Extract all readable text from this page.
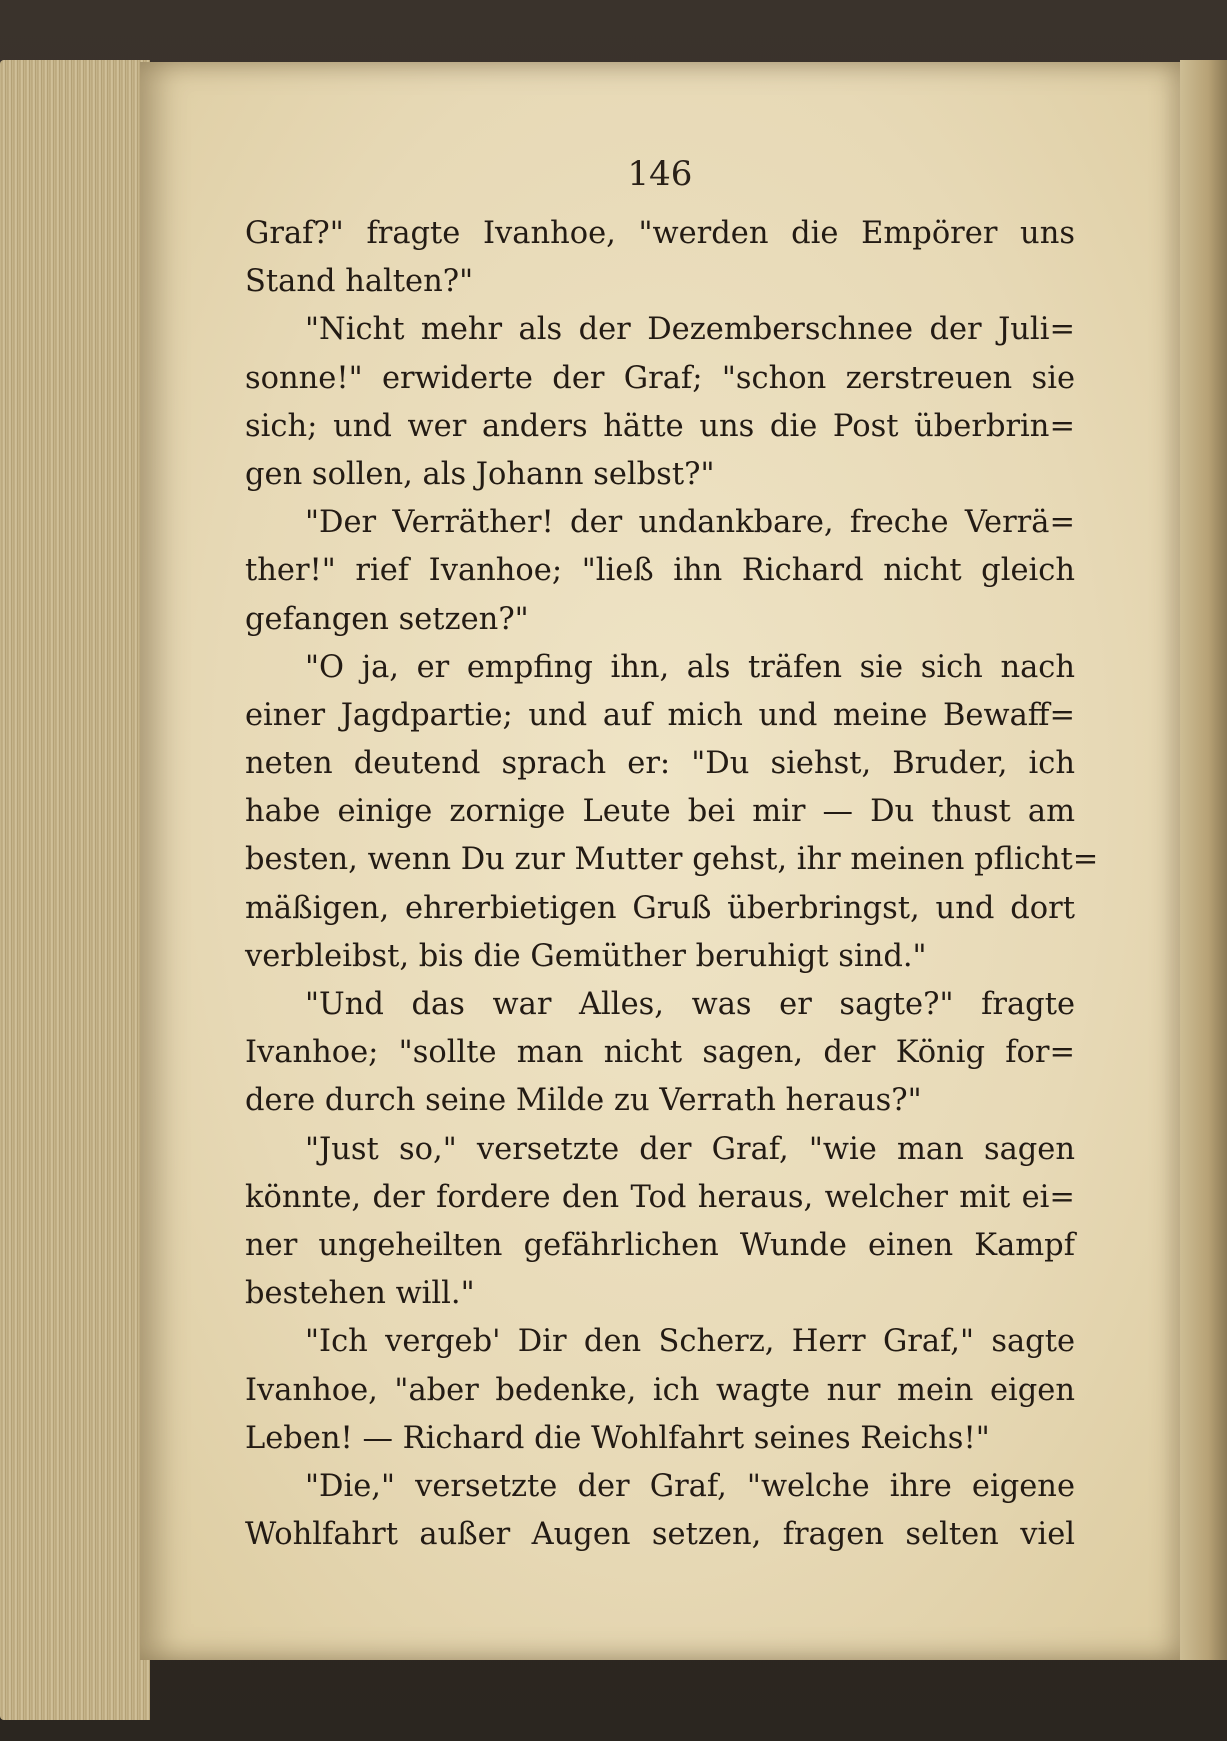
146
Graf?" fragte Ivanhoe, "werden die Empörer uns
Stand halten?"
"Nicht mehr als der Dezemberschnee der Juli=
sonne!" erwiderte der Graf; "schon zerstreuen sie
sich; und wer anders hätte uns die Post überbrin=
gen sollen, als Johann selbst?"
"Der Verräther! der undankbare, freche Verrä=
ther!" rief Ivanhoe; "ließ ihn Richard nicht gleich
gefangen setzen?"
"O ja, er empfing ihn, als träfen sie sich nach
einer Jagdpartie; und auf mich und meine Bewaff=
neten deutend sprach er: "Du siehst, Bruder, ich
habe einige zornige Leute bei mir — Du thust am
besten, wenn Du zur Mutter gehst, ihr meinen pflicht=
mäßigen, ehrerbietigen Gruß überbringst, und dort
verbleibst, bis die Gemüther beruhigt sind."
"Und das war Alles, was er sagte?" fragte
Ivanhoe; "sollte man nicht sagen, der König for=
dere durch seine Milde zu Verrath heraus?"
"Just so," versetzte der Graf, "wie man sagen
könnte, der fordere den Tod heraus, welcher mit ei=
ner ungeheilten gefährlichen Wunde einen Kampf
bestehen will."
"Ich vergeb' Dir den Scherz, Herr Graf," sagte
Ivanhoe, "aber bedenke, ich wagte nur mein eigen
Leben! — Richard die Wohlfahrt seines Reichs!"
"Die," versetzte der Graf, "welche ihre eigene
Wohlfahrt außer Augen setzen, fragen selten viel
